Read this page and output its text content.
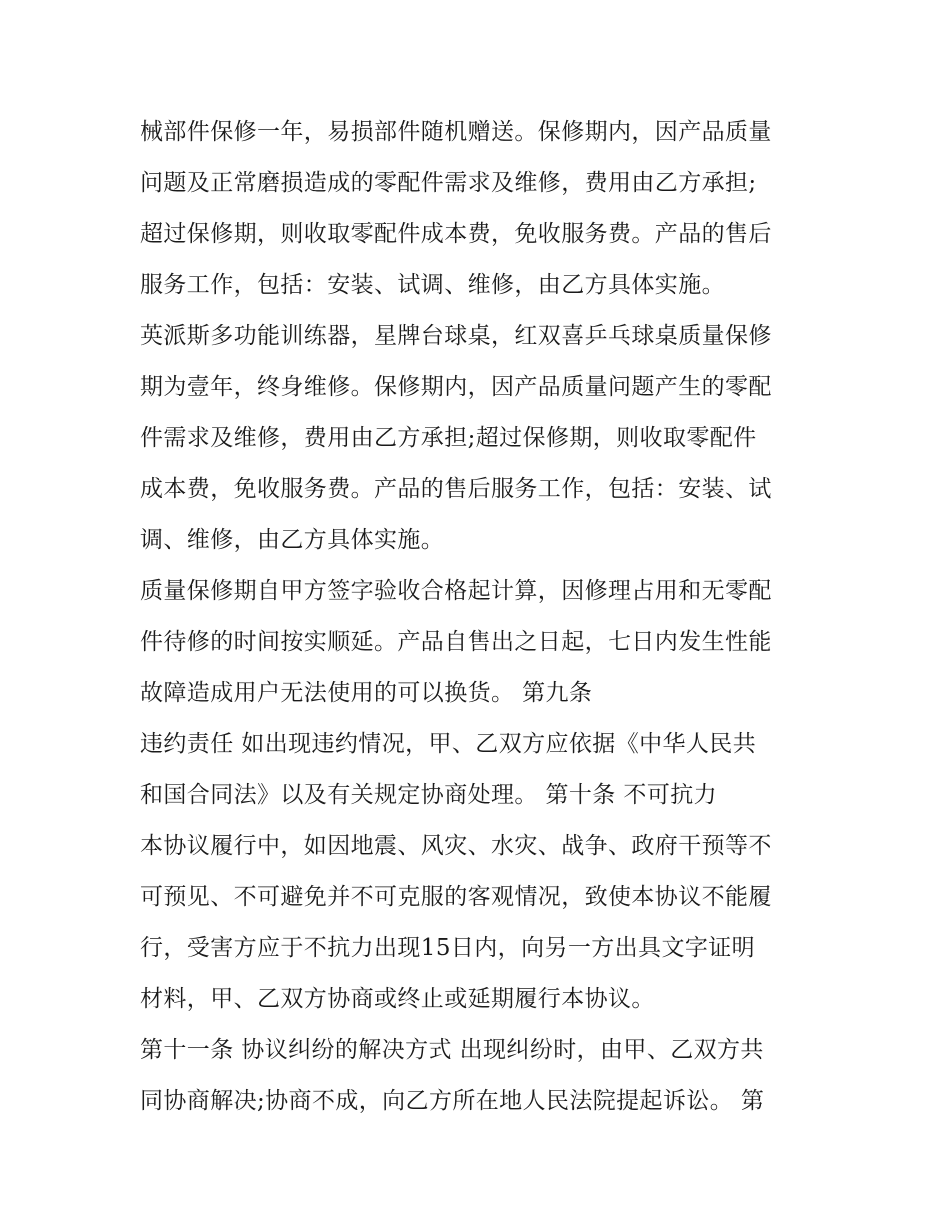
械部件保修一年，易损部件随机赠送。保修期内，因产品质量
问题及正常磨损造成的零配件需求及维修，费用由乙方承担;
超过保修期，则收取零配件成本费，免收服务费。产品的售后
服务工作，包括：安装、试调、维修，由乙方具体实施。
英派斯多功能训练器，星牌台球桌，红双喜乒乓球桌质量保修
期为壹年，终身维修。保修期内，因产品质量问题产生的零配
件需求及维修，费用由乙方承担;超过保修期，则收取零配件
成本费，免收服务费。产品的售后服务工作，包括：安装、试
调、维修，由乙方具体实施。
质量保修期自甲方签字验收合格起计算，因修理占用和无零配
件待修的时间按实顺延。产品自售出之日起，七日内发生性能
故障造成用户无法使用的可以换货。 第九条
违约责任 如出现违约情况，甲、乙双方应依据《中华人民共
和国合同法》以及有关规定协商处理。 第十条 不可抗力
本协议履行中，如因地震、风灾、水灾、战争、政府干预等不
可预见、不可避免并不可克服的客观情况，致使本协议不能履
行，受害方应于不抗力出现15日内，向另一方出具文字证明
材料，甲、乙双方协商或终止或延期履行本协议。
第十一条 协议纠纷的解决方式 出现纠纷时，由甲、乙双方共
同协商解决;协商不成，向乙方所在地人民法院提起诉讼。 第
